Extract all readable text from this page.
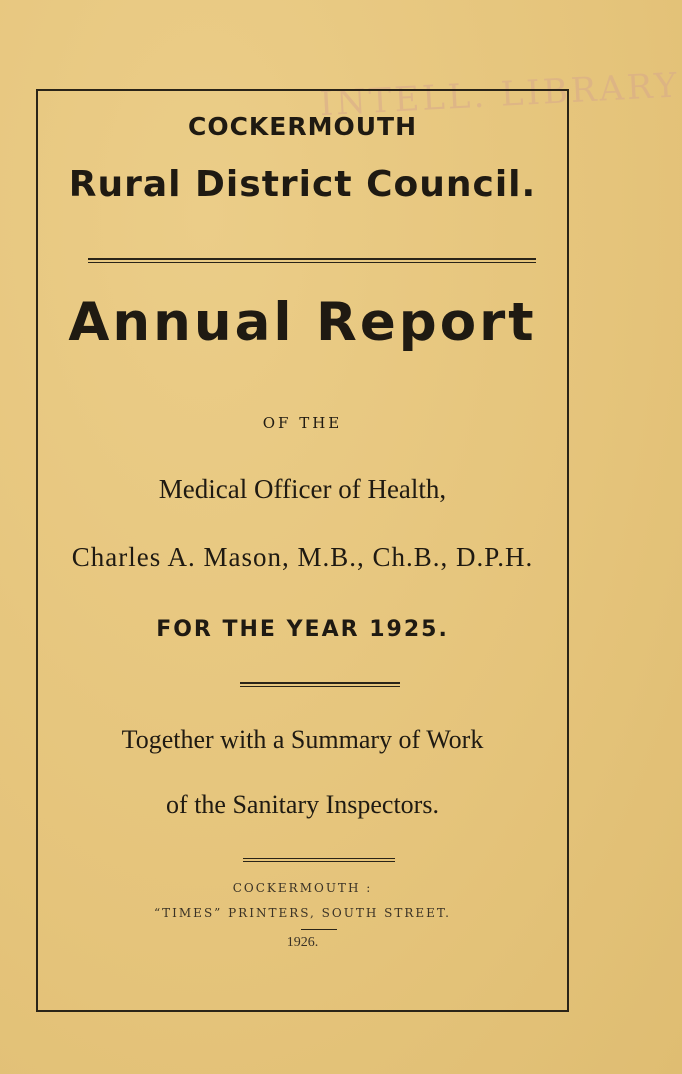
INTELL. LIBRARY

COCKERMOUTH

Rural District Council.

Annual Report

OF THE

Medical Officer of Health,

Charles A. Mason, M.B., Ch.B., D.P.H.

FOR THE YEAR 1925.

Together with a Summary of Work

of the Sanitary Inspectors.

COCKERMOUTH :

“TIMES” PRINTERS, SOUTH STREET.

1926.
